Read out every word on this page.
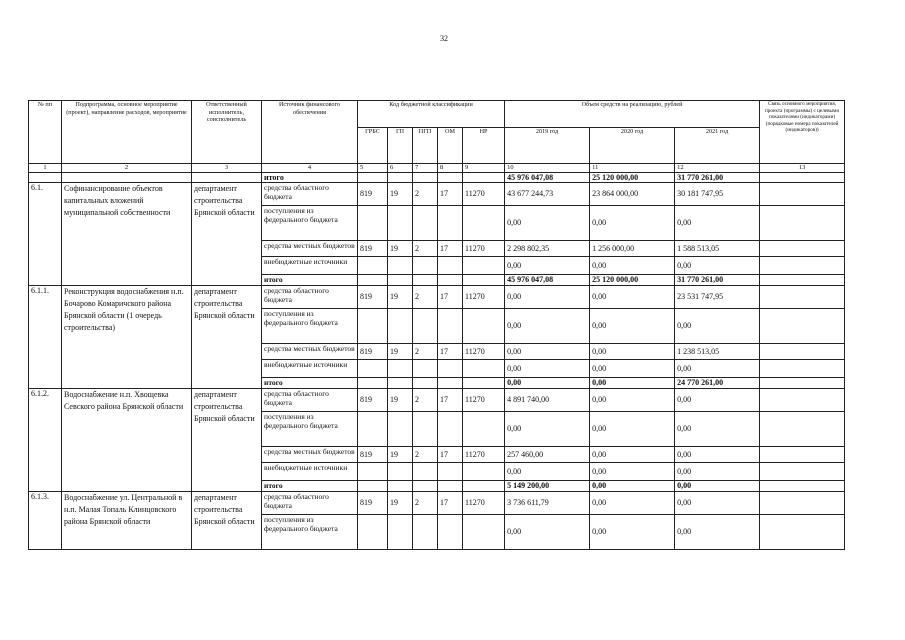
32
№ пп	Подпрограмма, основное мероприятие (проект), направление расходов, мероприятие	Ответственный исполнитель, соисполнитель	Источник финансового обеспечения	Код бюджетной классификации					Объем средств на реализацию, рублей			Связь основного мероприятия, проекта (программы) с целевыми показателями (индикаторами) (порядковые номера показателей (индикаторов))
				ГРБС	ГП	ПГП	ОМ	НР	2019 год	2020 год	2021 год	
1	2	3	4	5	6	7	8	9	10	11	12	13
			итого						45 976 047,08	25 120 000,00	31 770 261,00	
6.1.	Софинансирование объектов капитальных вложений муниципальной собственности	департамент строительства Брянской области	средства областного бюджета	819	19	2	17	11270	43 677 244,73	23 864 000,00	30 181 747,95	
			поступления из федерального бюджета						0,00	0,00	0,00	
			средства местных бюджетов	819	19	2	17	11270	2 298 802,35	1 256 000,00	1 588 513,05	
			внебюджетные источники						0,00	0,00	0,00	
			итого						45 976 047,08	25 120 000,00	31 770 261,00	
6.1.1.	Реконструкция водоснабжения н.п. Бочарово Комаричского района Брянской области (1 очередь строительства)	департамент строительства Брянской области	средства областного бюджета	819	19	2	17	11270	0,00	0,00	23 531 747,95	
			поступления из федерального бюджета						0,00	0,00	0,00	
			средства местных бюджетов	819	19	2	17	11270	0,00	0,00	1 238 513,05	
			внебюджетные источники						0,00	0,00	0,00	
			итого						0,00	0,00	24 770 261,00	
6.1.2.	Водоснабжение н.п. Хвощевка Севского района Брянской области	департамент строительства Брянской области	средства областного бюджета	819	19	2	17	11270	4 891 740,00	0,00	0,00	
			поступления из федерального бюджета						0,00	0,00	0,00	
			средства местных бюджетов	819	19	2	17	11270	257 460,00	0,00	0,00	
			внебюджетные источники						0,00	0,00	0,00	
			итого						5 149 200,00	0,00	0,00	
6.1.3.	Водоснабжение ул. Центральной в н.п. Малая Топаль Клинцовского района Брянской области	департамент строительства Брянской области	средства областного бюджета	819	19	2	17	11270	3 736 611,79	0,00	0,00	
			поступления из федерального бюджета						0,00	0,00	0,00	
